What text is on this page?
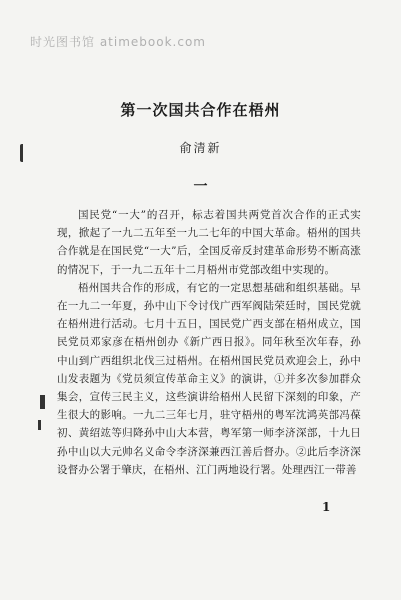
时光图书馆 atimebook.com
第一次国共合作在梧州
俞清新
一

国民党“一大”的召开，标志着国共两党首次合作的正式实现，掀起了一九二五年至一九二七年的中国大革命。梧州的国共合作就是在国民党“一大”后，全国反帝反封建革命形势不断高涨的情况下，于一九二五年十二月梧州市党部改组中实现的。

梧州国共合作的形成，有它的一定思想基础和组织基础。早在一九二一年夏，孙中山下令讨伐广西军阀陆荣廷时，国民党就在梧州进行活动。七月十五日，国民党广西支部在梧州成立，国民党员邓家彦在梧州创办《新广西日报》。同年秋至次年春，孙中山到广西组织北伐三过梧州。在梧州国民党员欢迎会上，孙中山发表题为《党员须宣传革命主义》的演讲，①并多次参加群众集会，宣传三民主义，这些演讲给梧州人民留下深刻的印象，产生很大的影响。一九二三年七月，驻守梧州的粤军沈鸿英部冯葆初、黄绍竑等归降孙中山大本营，粤军第一师李济深部，十九日孙中山以大元帅名义命令李济深兼西江善后督办。②此后李济深设督办公署于肇庆，在梧州、江门两地设行署。处理西江一带善

1
